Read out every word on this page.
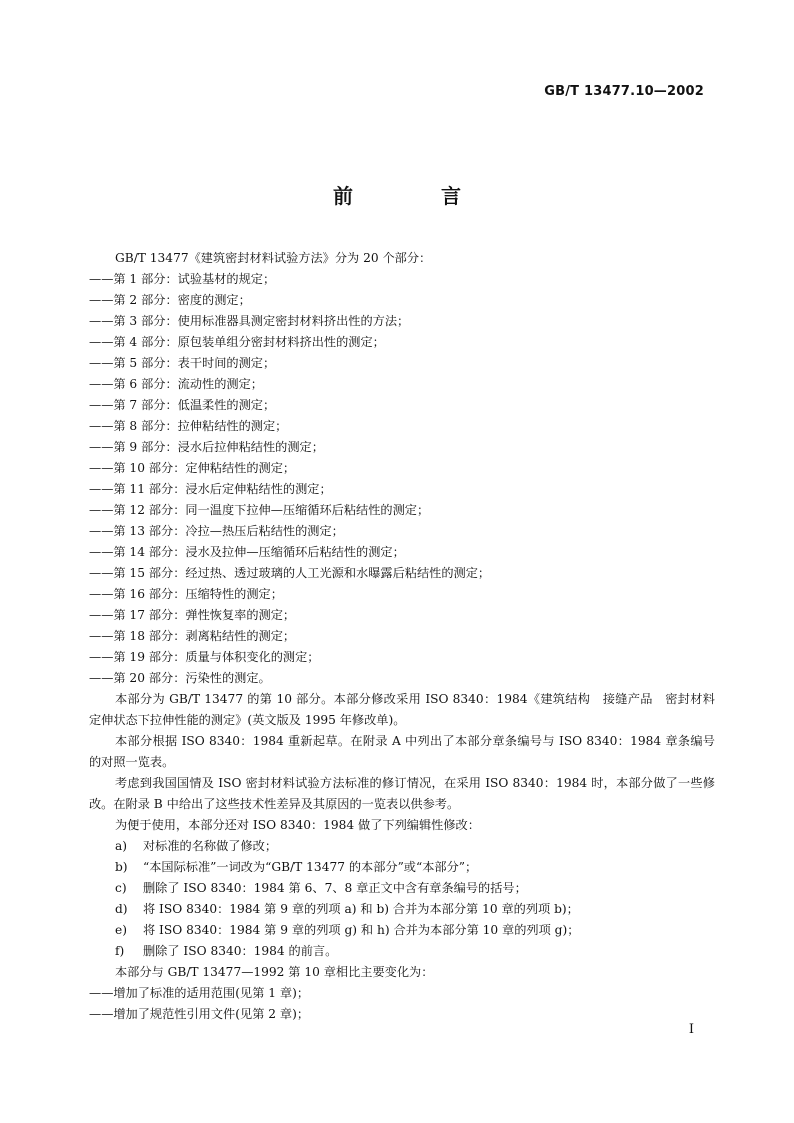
GB/T 13477.10—2002
前　言
GB/T 13477《建筑密封材料试验方法》分为 20 个部分：
——第 1 部分：试验基材的规定；
——第 2 部分：密度的测定；
——第 3 部分：使用标准器具测定密封材料挤出性的方法；
——第 4 部分：原包装单组分密封材料挤出性的测定；
——第 5 部分：表干时间的测定；
——第 6 部分：流动性的测定；
——第 7 部分：低温柔性的测定；
——第 8 部分：拉伸粘结性的测定；
——第 9 部分：浸水后拉伸粘结性的测定；
——第 10 部分：定伸粘结性的测定；
——第 11 部分：浸水后定伸粘结性的测定；
——第 12 部分：同一温度下拉伸—压缩循环后粘结性的测定；
——第 13 部分：冷拉—热压后粘结性的测定；
——第 14 部分：浸水及拉伸—压缩循环后粘结性的测定；
——第 15 部分：经过热、透过玻璃的人工光源和水曝露后粘结性的测定；
——第 16 部分：压缩特性的测定；
——第 17 部分：弹性恢复率的测定；
——第 18 部分：剥离粘结性的测定；
——第 19 部分：质量与体积变化的测定；
——第 20 部分：污染性的测定。
本部分为 GB/T 13477 的第 10 部分。本部分修改采用 ISO 8340：1984《建筑结构　接缝产品　密封材料　定伸状态下拉伸性能的测定》(英文版及 1995 年修改单)。
本部分根据 ISO 8340：1984 重新起草。在附录 A 中列出了本部分章条编号与 ISO 8340：1984 章条编号的对照一览表。
考虑到我国国情及 ISO 密封材料试验方法标准的修订情况，在采用 ISO 8340：1984 时，本部分做了一些修改。在附录 B 中给出了这些技术性差异及其原因的一览表以供参考。
为便于使用，本部分还对 ISO 8340：1984 做了下列编辑性修改：
a) 对标准的名称做了修改；
b) “本国际标准”一词改为“GB/T 13477 的本部分”或“本部分”；
c) 删除了 ISO 8340：1984 第 6、7、8 章正文中含有章条编号的括号；
d) 将 ISO 8340：1984 第 9 章的列项 a) 和 b) 合并为本部分第 10 章的列项 b)；
e) 将 ISO 8340：1984 第 9 章的列项 g) 和 h) 合并为本部分第 10 章的列项 g)；
f) 删除了 ISO 8340：1984 的前言。
本部分与 GB/T 13477—1992 第 10 章相比主要变化为：
——增加了标准的适用范围(见第 1 章)；
——增加了规范性引用文件(见第 2 章)；
I
